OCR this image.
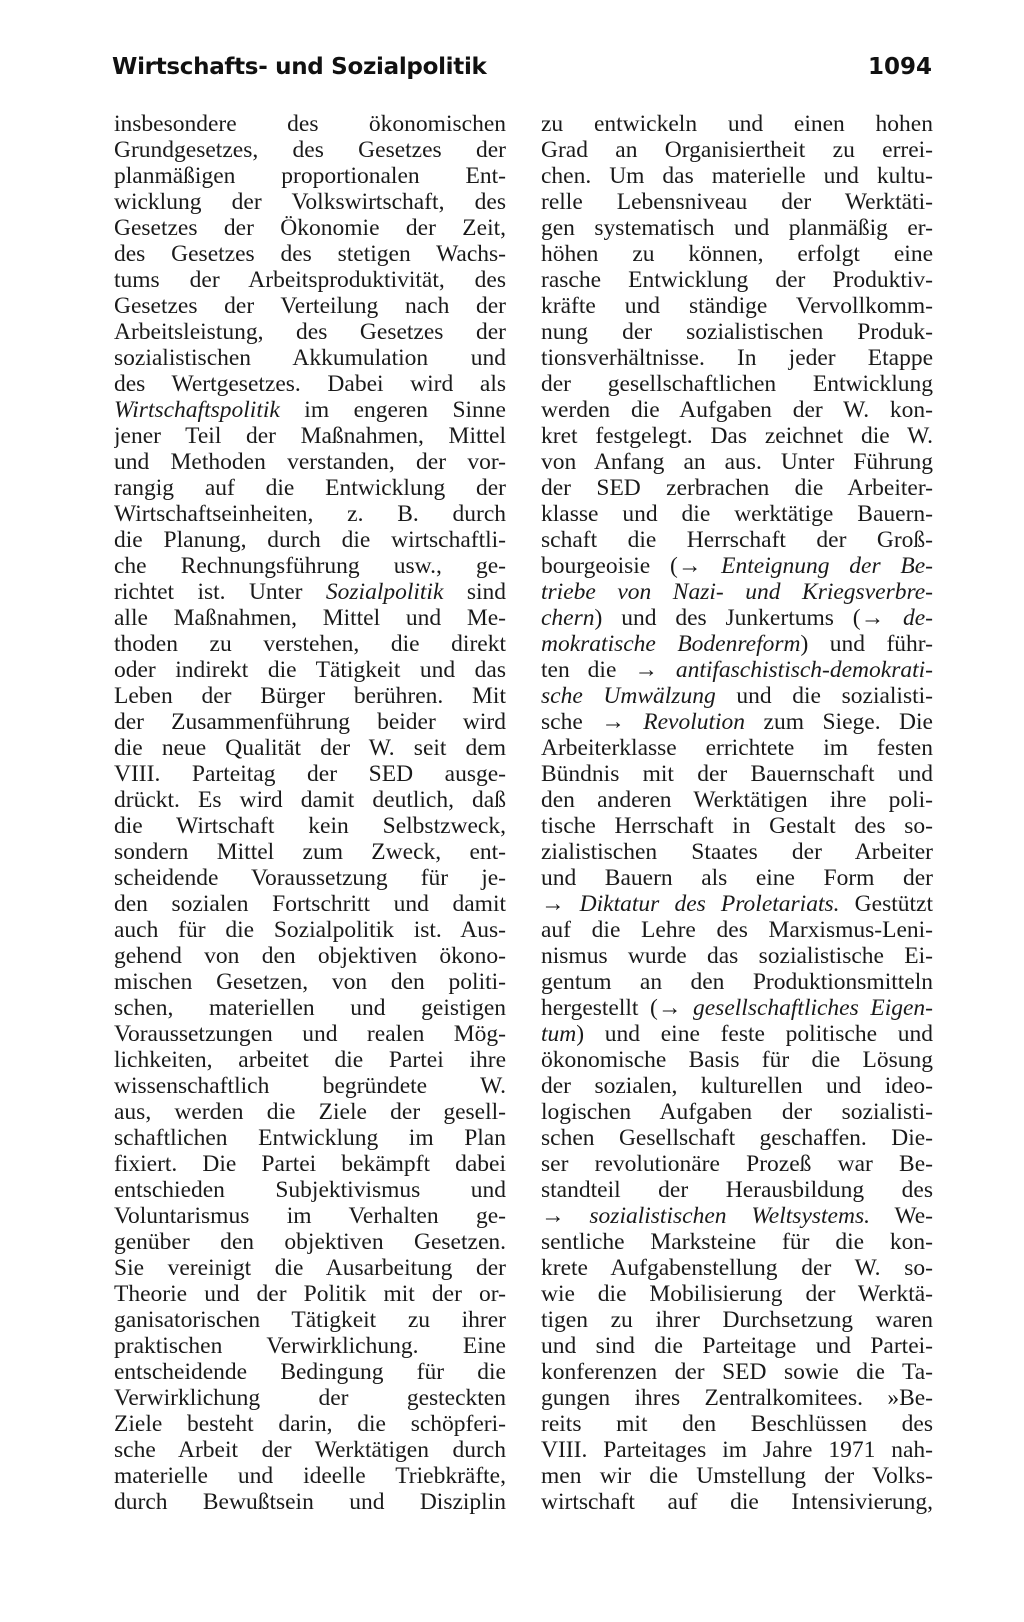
Wirtschafts- und Sozialpolitik	1094
insbesondere des ökonomischen
Grundgesetzes, des Gesetzes der
planmäßigen proportionalen Ent-
wicklung der Volkswirtschaft, des
Gesetzes der Ökonomie der Zeit,
des Gesetzes des stetigen Wachs-
tums der Arbeitsproduktivität, des
Gesetzes der Verteilung nach der
Arbeitsleistung, des Gesetzes der
sozialistischen Akkumulation und
des Wertgesetzes. Dabei wird als
Wirtschaftspolitik im engeren Sinne
jener Teil der Maßnahmen, Mittel
und Methoden verstanden, der vor-
rangig auf die Entwicklung der
Wirtschaftseinheiten, z. B. durch
die Planung, durch die wirtschaftli-
che Rechnungsführung usw., ge-
richtet ist. Unter Sozialpolitik sind
alle Maßnahmen, Mittel und Me-
thoden zu verstehen, die direkt
oder indirekt die Tätigkeit und das
Leben der Bürger berühren. Mit
der Zusammenführung beider wird
die neue Qualität der W. seit dem
VIII. Parteitag der SED ausge-
drückt. Es wird damit deutlich, daß
die Wirtschaft kein Selbstzweck,
sondern Mittel zum Zweck, ent-
scheidende Voraussetzung für je-
den sozialen Fortschritt und damit
auch für die Sozialpolitik ist. Aus-
gehend von den objektiven ökono-
mischen Gesetzen, von den politi-
schen, materiellen und geistigen
Voraussetzungen und realen Mög-
lichkeiten, arbeitet die Partei ihre
wissenschaftlich begründete W.
aus, werden die Ziele der gesell-
schaftlichen Entwicklung im Plan
fixiert. Die Partei bekämpft dabei
entschieden Subjektivismus und
Voluntarismus im Verhalten ge-
genüber den objektiven Gesetzen.
Sie vereinigt die Ausarbeitung der
Theorie und der Politik mit der or-
ganisatorischen Tätigkeit zu ihrer
praktischen Verwirklichung. Eine
entscheidende Bedingung für die
Verwirklichung der gesteckten
Ziele besteht darin, die schöpferi-
sche Arbeit der Werktätigen durch
materielle und ideelle Triebkräfte,
durch Bewußtsein und Disziplin
zu entwickeln und einen hohen
Grad an Organisiertheit zu errei-
chen. Um das materielle und kultu-
relle Lebensniveau der Werktäti-
gen systematisch und planmäßig er-
höhen zu können, erfolgt eine
rasche Entwicklung der Produktiv-
kräfte und ständige Vervollkomm-
nung der sozialistischen Produk-
tionsverhältnisse. In jeder Etappe
der gesellschaftlichen Entwicklung
werden die Aufgaben der W. kon-
kret festgelegt. Das zeichnet die W.
von Anfang an aus. Unter Führung
der SED zerbrachen die Arbeiter-
klasse und die werktätige Bauern-
schaft die Herrschaft der Groß-
bourgeoisie (→ Enteignung der Be-
triebe von Nazi- und Kriegsverbre-
chern) und des Junkertums (→ de-
mokratische Bodenreform) und führ-
ten die → antifaschistisch-demokrati-
sche Umwälzung und die sozialisti-
sche → Revolution zum Siege. Die
Arbeiterklasse errichtete im festen
Bündnis mit der Bauernschaft und
den anderen Werktätigen ihre poli-
tische Herrschaft in Gestalt des so-
zialistischen Staates der Arbeiter
und Bauern als eine Form der
→ Diktatur des Proletariats. Gestützt
auf die Lehre des Marxismus-Leni-
nismus wurde das sozialistische Ei-
gentum an den Produktionsmitteln
hergestellt (→ gesellschaftliches Eigen-
tum) und eine feste politische und
ökonomische Basis für die Lösung
der sozialen, kulturellen und ideo-
logischen Aufgaben der sozialisti-
schen Gesellschaft geschaffen. Die-
ser revolutionäre Prozeß war Be-
standteil der Herausbildung des
→ sozialistischen Weltsystems. We-
sentliche Marksteine für die kon-
krete Aufgabenstellung der W. so-
wie die Mobilisierung der Werktä-
tigen zu ihrer Durchsetzung waren
und sind die Parteitage und Partei-
konferenzen der SED sowie die Ta-
gungen ihres Zentralkomitees. »Be-
reits mit den Beschlüssen des
VIII. Parteitages im Jahre 1971 nah-
men wir die Umstellung der Volks-
wirtschaft auf die Intensivierung,
